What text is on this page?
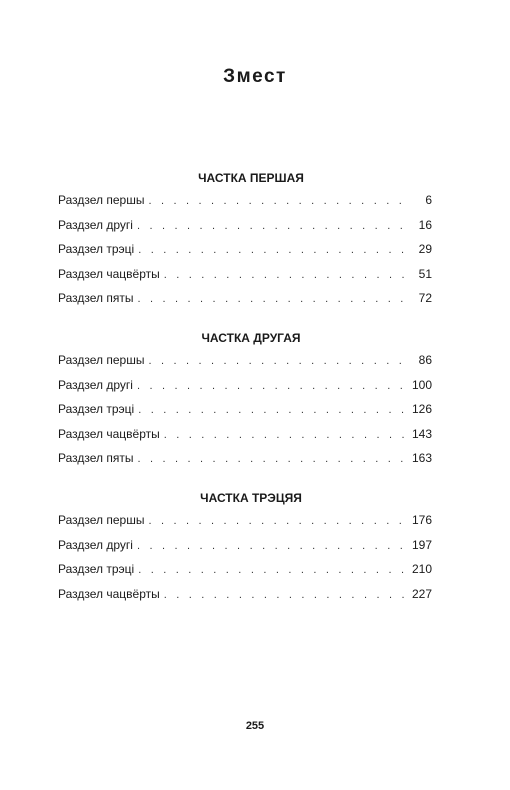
Змест
ЧАСТКА ПЕРШАЯ
Раздзел першы . . .	6
Раздзел другі . . .	16
Раздзел трэці . . .	29
Раздзел чацвёрты . . .	51
Раздзел пяты . . .	72
ЧАСТКА ДРУГАЯ
Раздзел першы . . .	86
Раздзел другі . . .	100
Раздзел трэці . . .	126
Раздзел чацвёрты . . .	143
Раздзел пяты . . .	163
ЧАСТКА ТРЭЦЯЯ
Раздзел першы . . .	176
Раздзел другі . . .	197
Раздзел трэці . . .	210
Раздзел чацвёрты . . .	227
255
